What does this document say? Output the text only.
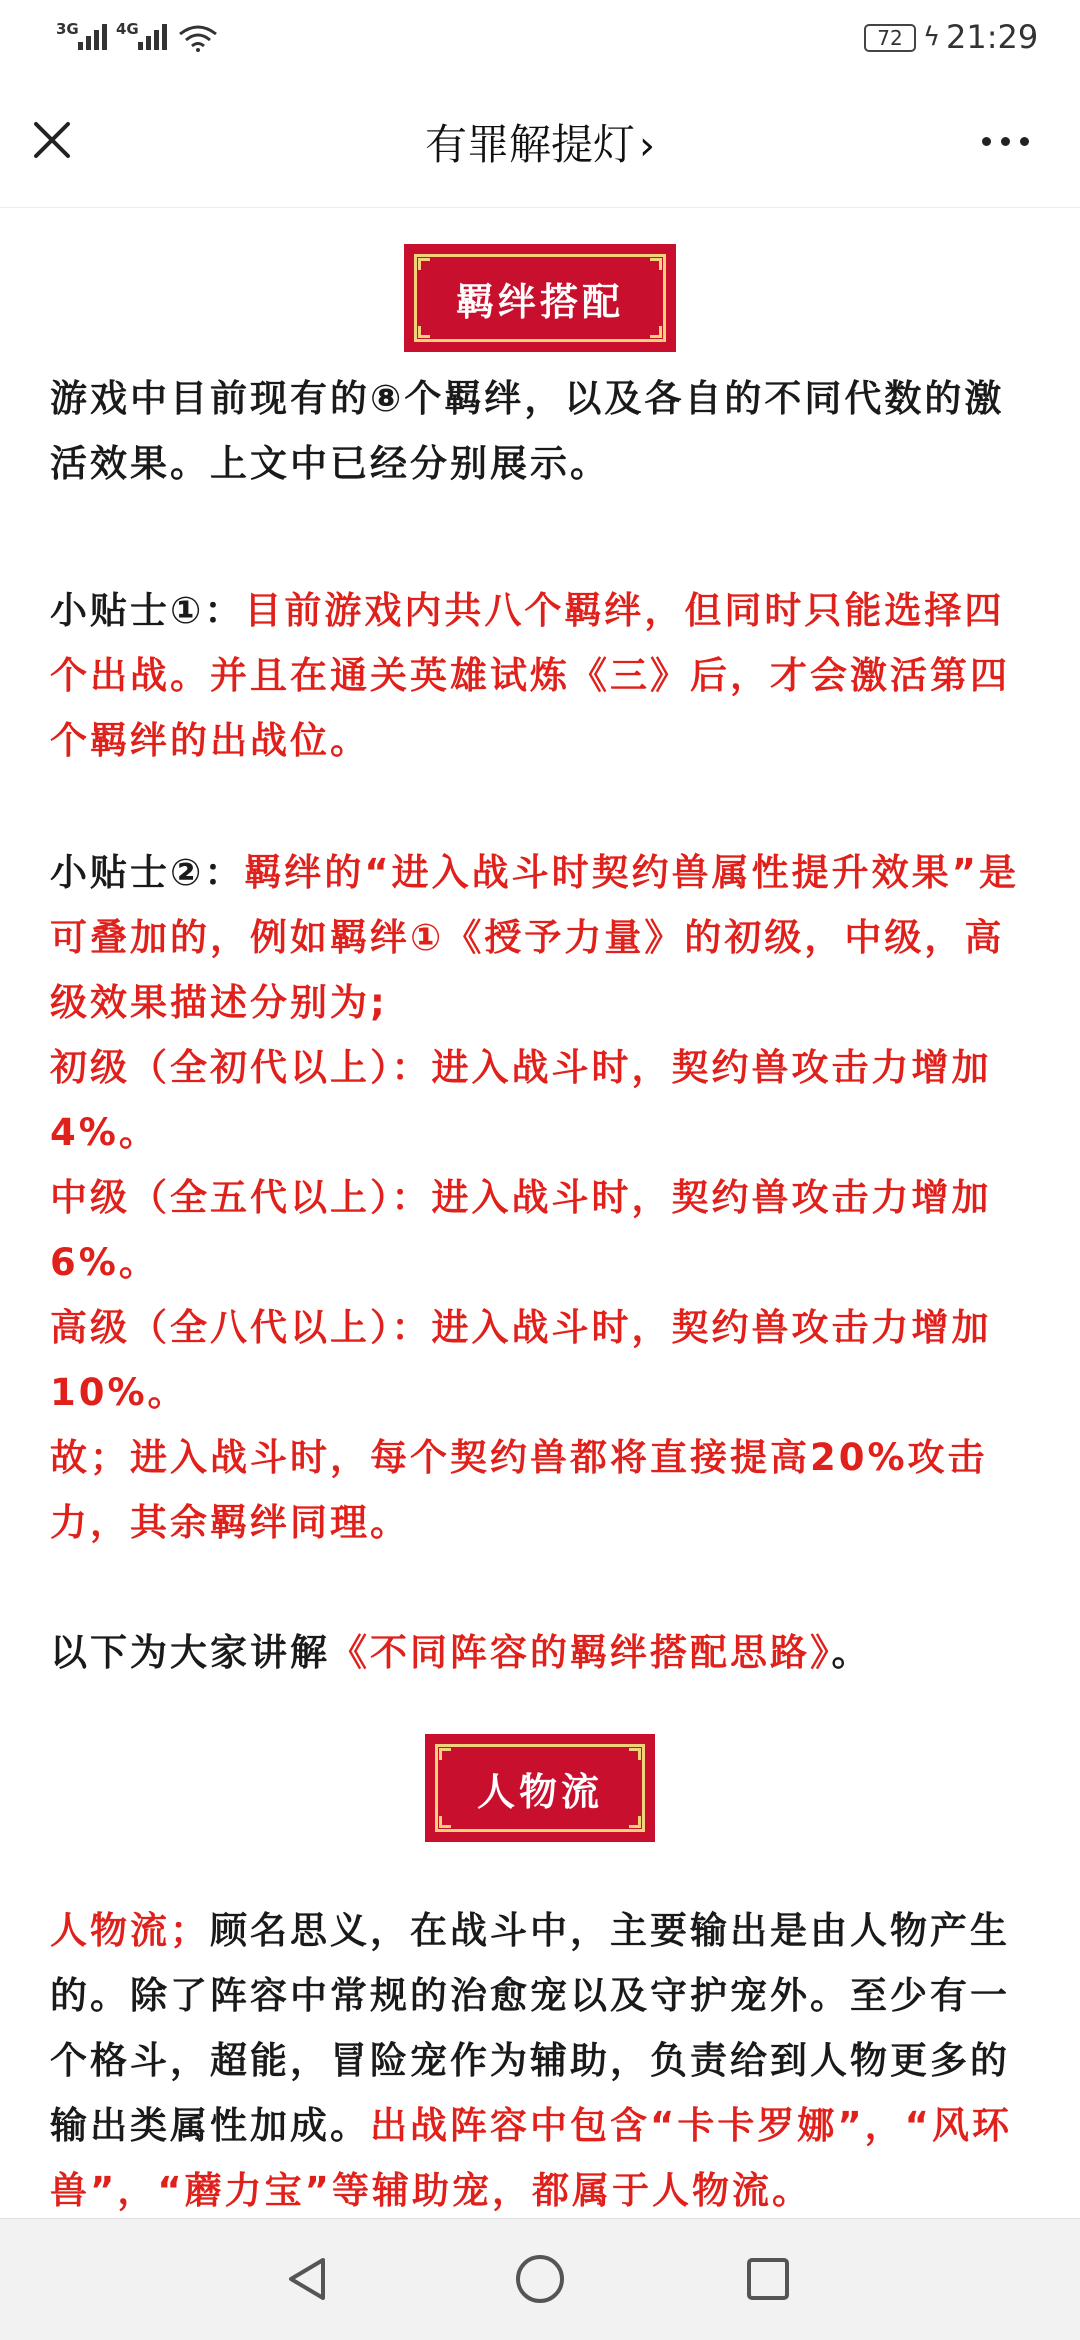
3G 4G	72 ϟ 21:29
有罪解提灯 ›
羁绊搭配

游戏中目前现有的⑧个羁绊，以及各自的不同代数的激活效果。上文中已经分别展示。

小贴士①：目前游戏内共八个羁绊，但同时只能选择四个出战。并且在通关英雄试炼《三》后，才会激活第四个羁绊的出战位。

小贴士②：羁绊的“进入战斗时契约兽属性提升效果”是可叠加的，例如羁绊①《授予力量》的初级，中级，高级效果描述分别为;

初级（全初代以上）：进入战斗时，契约兽攻击力增加4%。

中级（全五代以上）：进入战斗时，契约兽攻击力增加6%。

高级（全八代以上）：进入战斗时，契约兽攻击力增加10%。

故；进入战斗时，每个契约兽都将直接提高20%攻击力，其余羁绊同理。

以下为大家讲解《不同阵容的羁绊搭配思路》。

人物流

人物流；顾名思义，在战斗中，主要输出是由人物产生的。除了阵容中常规的治愈宠以及守护宠外。至少有一个格斗，超能，冒险宠作为辅助，负责给到人物更多的输出类属性加成。出战阵容中包含“卡卡罗娜”，“风环兽”，“蘑力宝”等辅助宠，都属于人物流。
